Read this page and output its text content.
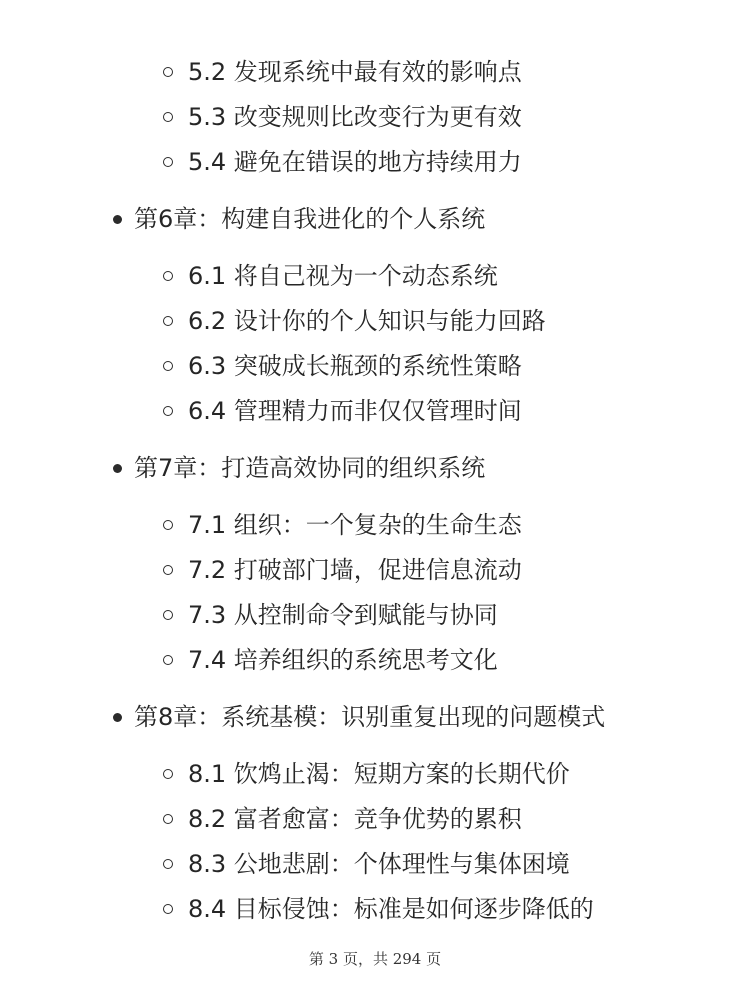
5.2 发现系统中最有效的影响点
5.3 改变规则比改变行为更有效
5.4 避免在错误的地方持续用力
第6章：构建自我进化的个人系统
6.1 将自己视为一个动态系统
6.2 设计你的个人知识与能力回路
6.3 突破成长瓶颈的系统性策略
6.4 管理精力而非仅仅管理时间
第7章：打造高效协同的组织系统
7.1 组织：一个复杂的生命生态
7.2 打破部门墙，促进信息流动
7.3 从控制命令到赋能与协同
7.4 培养组织的系统思考文化
第8章：系统基模：识别重复出现的问题模式
8.1 饮鸩止渴：短期方案的长期代价
8.2 富者愈富：竞争优势的累积
8.3 公地悲剧：个体理性与集体困境
8.4 目标侵蚀：标准是如何逐步降低的
第 3 页，共 294 页
